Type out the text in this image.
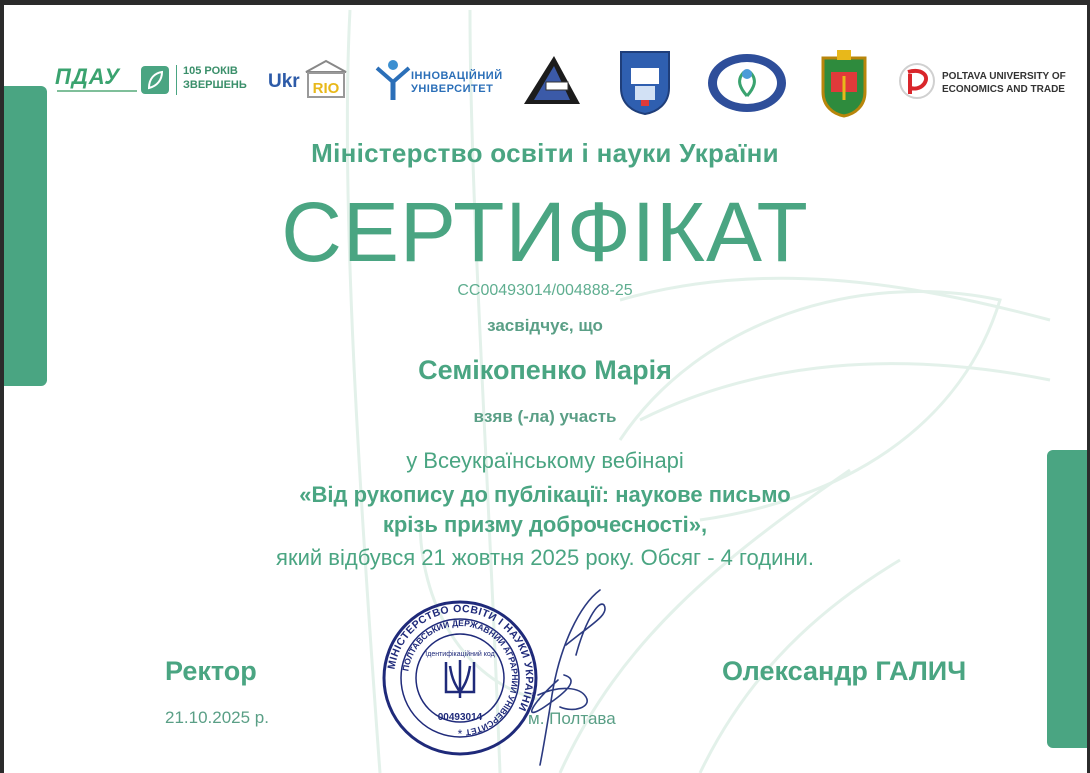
ПДАУ	105 РОКІВ
ЗВЕРШЕНЬ Ukr RIO
ІННОВАЦІЙНИЙ
УНІВЕРСИТЕТ
POLTAVA UNIVERSITY OF
ECONOMICS AND TRADE
Міністерство освіти і науки України
СЕРТИФІКАТ
СС00493014/004888-25
засвідчує, що
Семікопенко Марія
взяв (-ла) участь
у Всеукраїнському вебінарі
«Від рукопису до публікації: наукове письмо
крізь призму доброчесності»,
який відбувся 21 жовтня 2025 року. Обсяг - 4 години.
Ректор
21.10.2025 р.
МІНІСТЕРСТВО ОСВІТИ І НАУКИ УКРАЇНИ
ПОЛТАВСЬКИЙ ДЕРЖАВНИЙ АГРАРНИЙ УНІВЕРСИТЕТ
Ідентифікаційний код
00493014
*
м. Полтава
Олександр ГАЛИЧ
